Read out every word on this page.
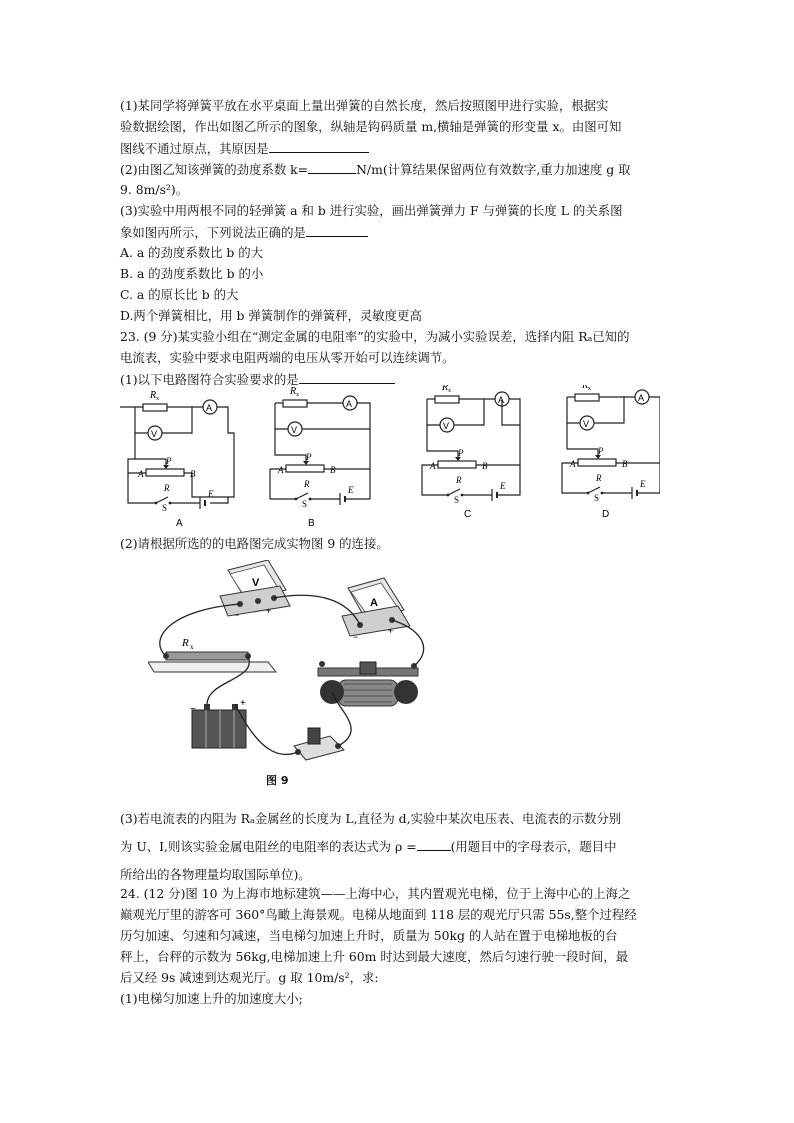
(1)某同学将弹簧平放在水平桌面上量出弹簧的自然长度，然后按照图甲进行实验，根据实
验数据绘图，作出如图乙所示的图象，纵轴是钩码质量 m,横轴是弹簧的形变量 x。由图可知
图线不通过原点，其原因是
(2)由图乙知该弹簧的劲度系数 k=	N/m(计算结果保留两位有效数字,重力加速度 g 取
9. 8m/s²)。
(3)实验中用两根不同的轻弹簧 a 和 b 进行实验，画出弹簧弹力 F 与弹簧的长度 L 的关系图
象如图丙所示，下列说法正确的是
A. a 的劲度系数比 b 的大
B. a 的劲度系数比 b 的小
C. a 的原长比 b 的大
D.两个弹簧相比，用 b 弹簧制作的弹簧秤，灵敏度更高
23. (9 分)某实验小组在“测定金属的电阻率”的实验中，为减小实验误差，选择内阻 Rₐ已知的
电流表，实验中要求电阻两端的电压从零开始可以连续调节。
(1)以下电路图符合实验要求的是
A	B
C	D
(2)请根据所选的的电路图完成实物图 9 的连接。
V
−	+
A
−
+
R x
−
+
图 9
(3)若电流表的内阻为 Rₐ金属丝的长度为 L,直径为 d,实验中某次电压表、电流表的示数分别
为 U、I,则该实验金属电阻丝的电阻率的表达式为 ρ =	(用题目中的字母表示，题目中
所给出的各物理量均取国际单位)。
24. (12 分)图 10 为上海市地标建筑——上海中心，其内置观光电梯，位于上海中心的上海之
巅观光厅里的游客可 360°鸟瞰上海景观。电梯从地面到 118 层的观光厅只需 55s,整个过程经
历匀加速、匀速和匀减速，当电梯匀加速上升时，质量为 50kg 的人站在置于电梯地板的台
秤上，台秤的示数为 56kg,电梯加速上升 60m 时达到最大速度，然后匀速行驶一段时间，最
后又经 9s 减速到达观光厅。g 取 10m/s²，求:
(1)电梯匀加速上升的加速度大小;
